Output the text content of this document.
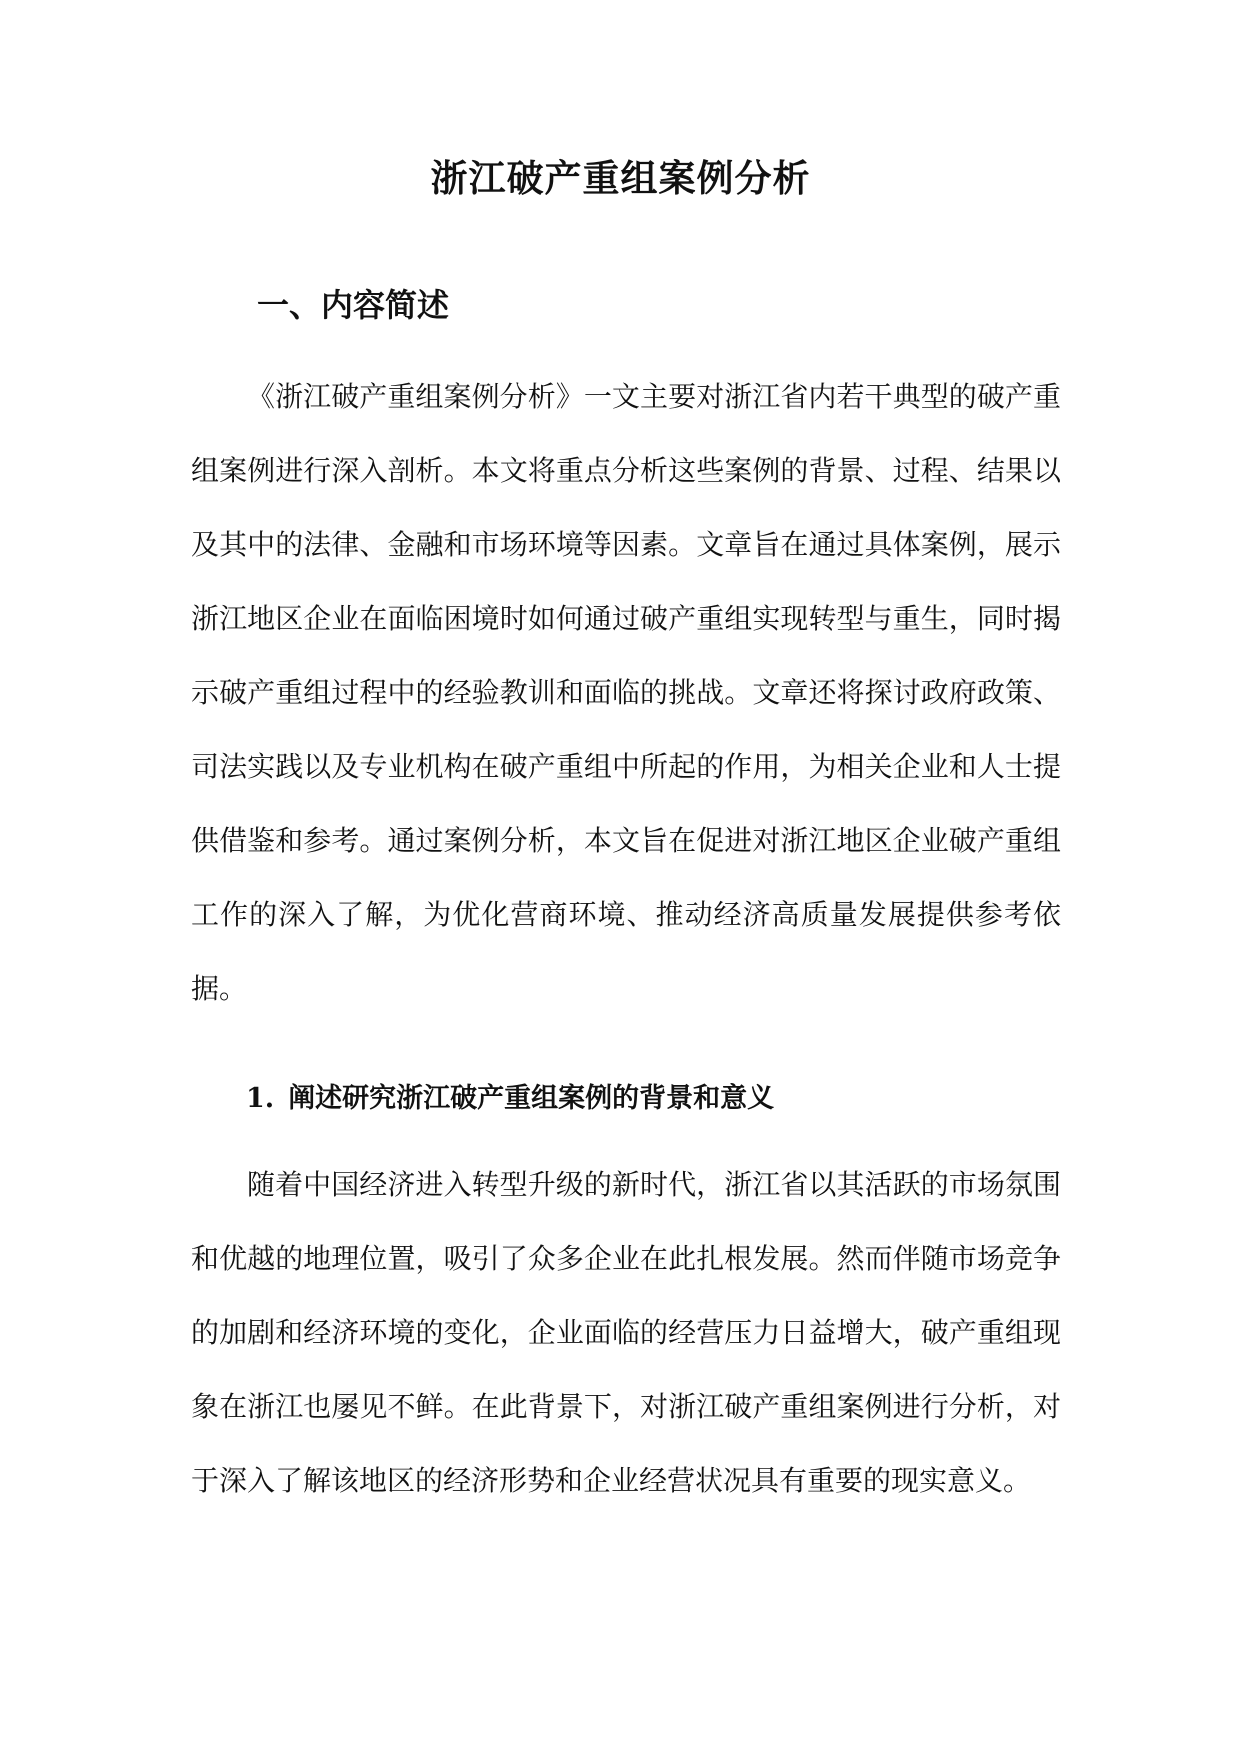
浙江破产重组案例分析
一、内容简述

《浙江破产重组案例分析》一文主要对浙江省内若干典型的破产重组案例进行深入剖析。本文将重点分析这些案例的背景、过程、结果以及其中的法律、金融和市场环境等因素。文章旨在通过具体案例，展示浙江地区企业在面临困境时如何通过破产重组实现转型与重生，同时揭示破产重组过程中的经验教训和面临的挑战。文章还将探讨政府政策、司法实践以及专业机构在破产重组中所起的作用，为相关企业和人士提供借鉴和参考。通过案例分析，本文旨在促进对浙江地区企业破产重组工作的深入了解，为优化营商环境、推动经济高质量发展提供参考依据。

1. 阐述研究浙江破产重组案例的背景和意义

随着中国经济进入转型升级的新时代，浙江省以其活跃的市场氛围和优越的地理位置，吸引了众多企业在此扎根发展。然而伴随市场竞争的加剧和经济环境的变化，企业面临的经营压力日益增大，破产重组现象在浙江也屡见不鲜。在此背景下，对浙江破产重组案例进行分析，对于深入了解该地区的经济形势和企业经营状况具有重要的现实意义。
